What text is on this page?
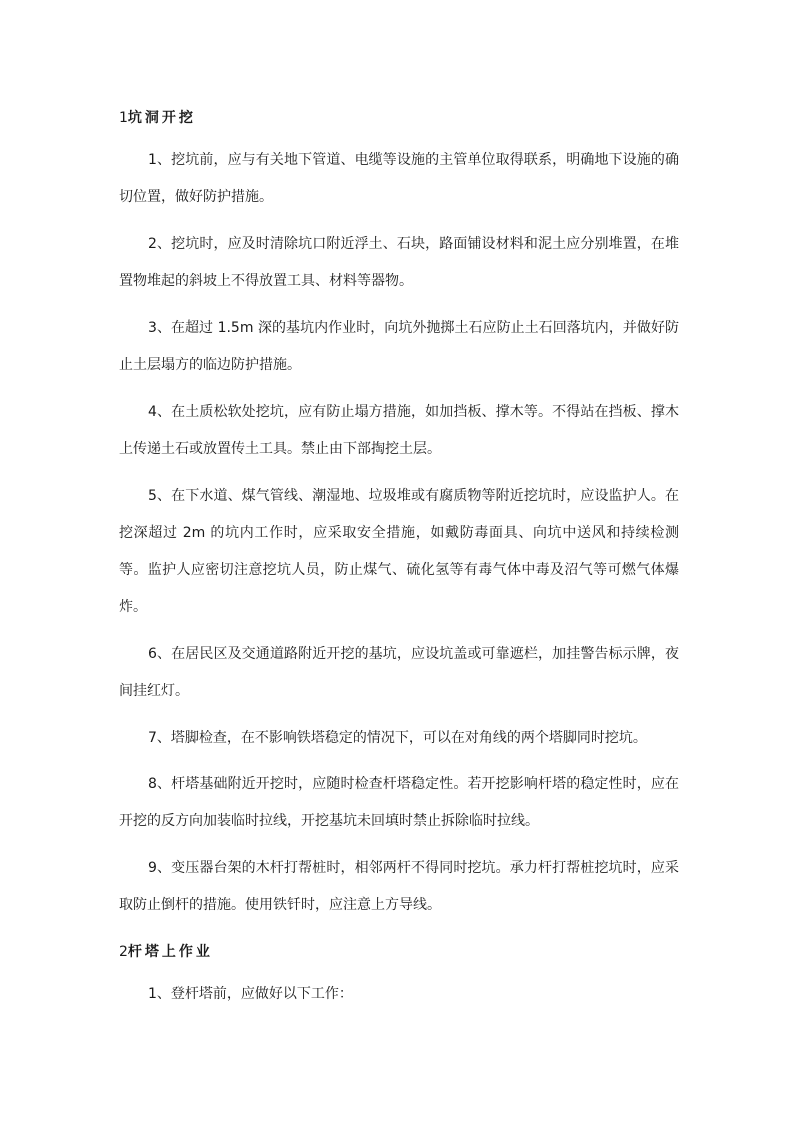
1坑洞开挖

1、挖坑前，应与有关地下管道、电缆等设施的主管单位取得联系，明确地下设施的确切位置，做好防护措施。

2、挖坑时，应及时清除坑口附近浮土、石块，路面铺设材料和泥土应分别堆置，在堆置物堆起的斜坡上不得放置工具、材料等器物。

3、在超过 1.5m 深的基坑内作业时，向坑外抛掷土石应防止土石回落坑内，并做好防止土层塌方的临边防护措施。

4、在土质松软处挖坑，应有防止塌方措施，如加挡板、撑木等。不得站在挡板、撑木上传递土石或放置传土工具。禁止由下部掏挖土层。

5、在下水道、煤气管线、潮湿地、垃圾堆或有腐质物等附近挖坑时，应设监护人。在挖深超过 2m 的坑内工作时，应采取安全措施，如戴防毒面具、向坑中送风和持续检测等。监护人应密切注意挖坑人员，防止煤气、硫化氢等有毒气体中毒及沼气等可燃气体爆炸。

6、在居民区及交通道路附近开挖的基坑，应设坑盖或可靠遮栏，加挂警告标示牌，夜间挂红灯。

7、塔脚检查，在不影响铁塔稳定的情况下，可以在对角线的两个塔脚同时挖坑。

8、杆塔基础附近开挖时，应随时检查杆塔稳定性。若开挖影响杆塔的稳定性时，应在开挖的反方向加装临时拉线，开挖基坑未回填时禁止拆除临时拉线。

9、变压器台架的木杆打帮桩时，相邻两杆不得同时挖坑。承力杆打帮桩挖坑时，应采取防止倒杆的措施。使用铁钎时，应注意上方导线。

2杆塔上作业

1、登杆塔前，应做好以下工作：
